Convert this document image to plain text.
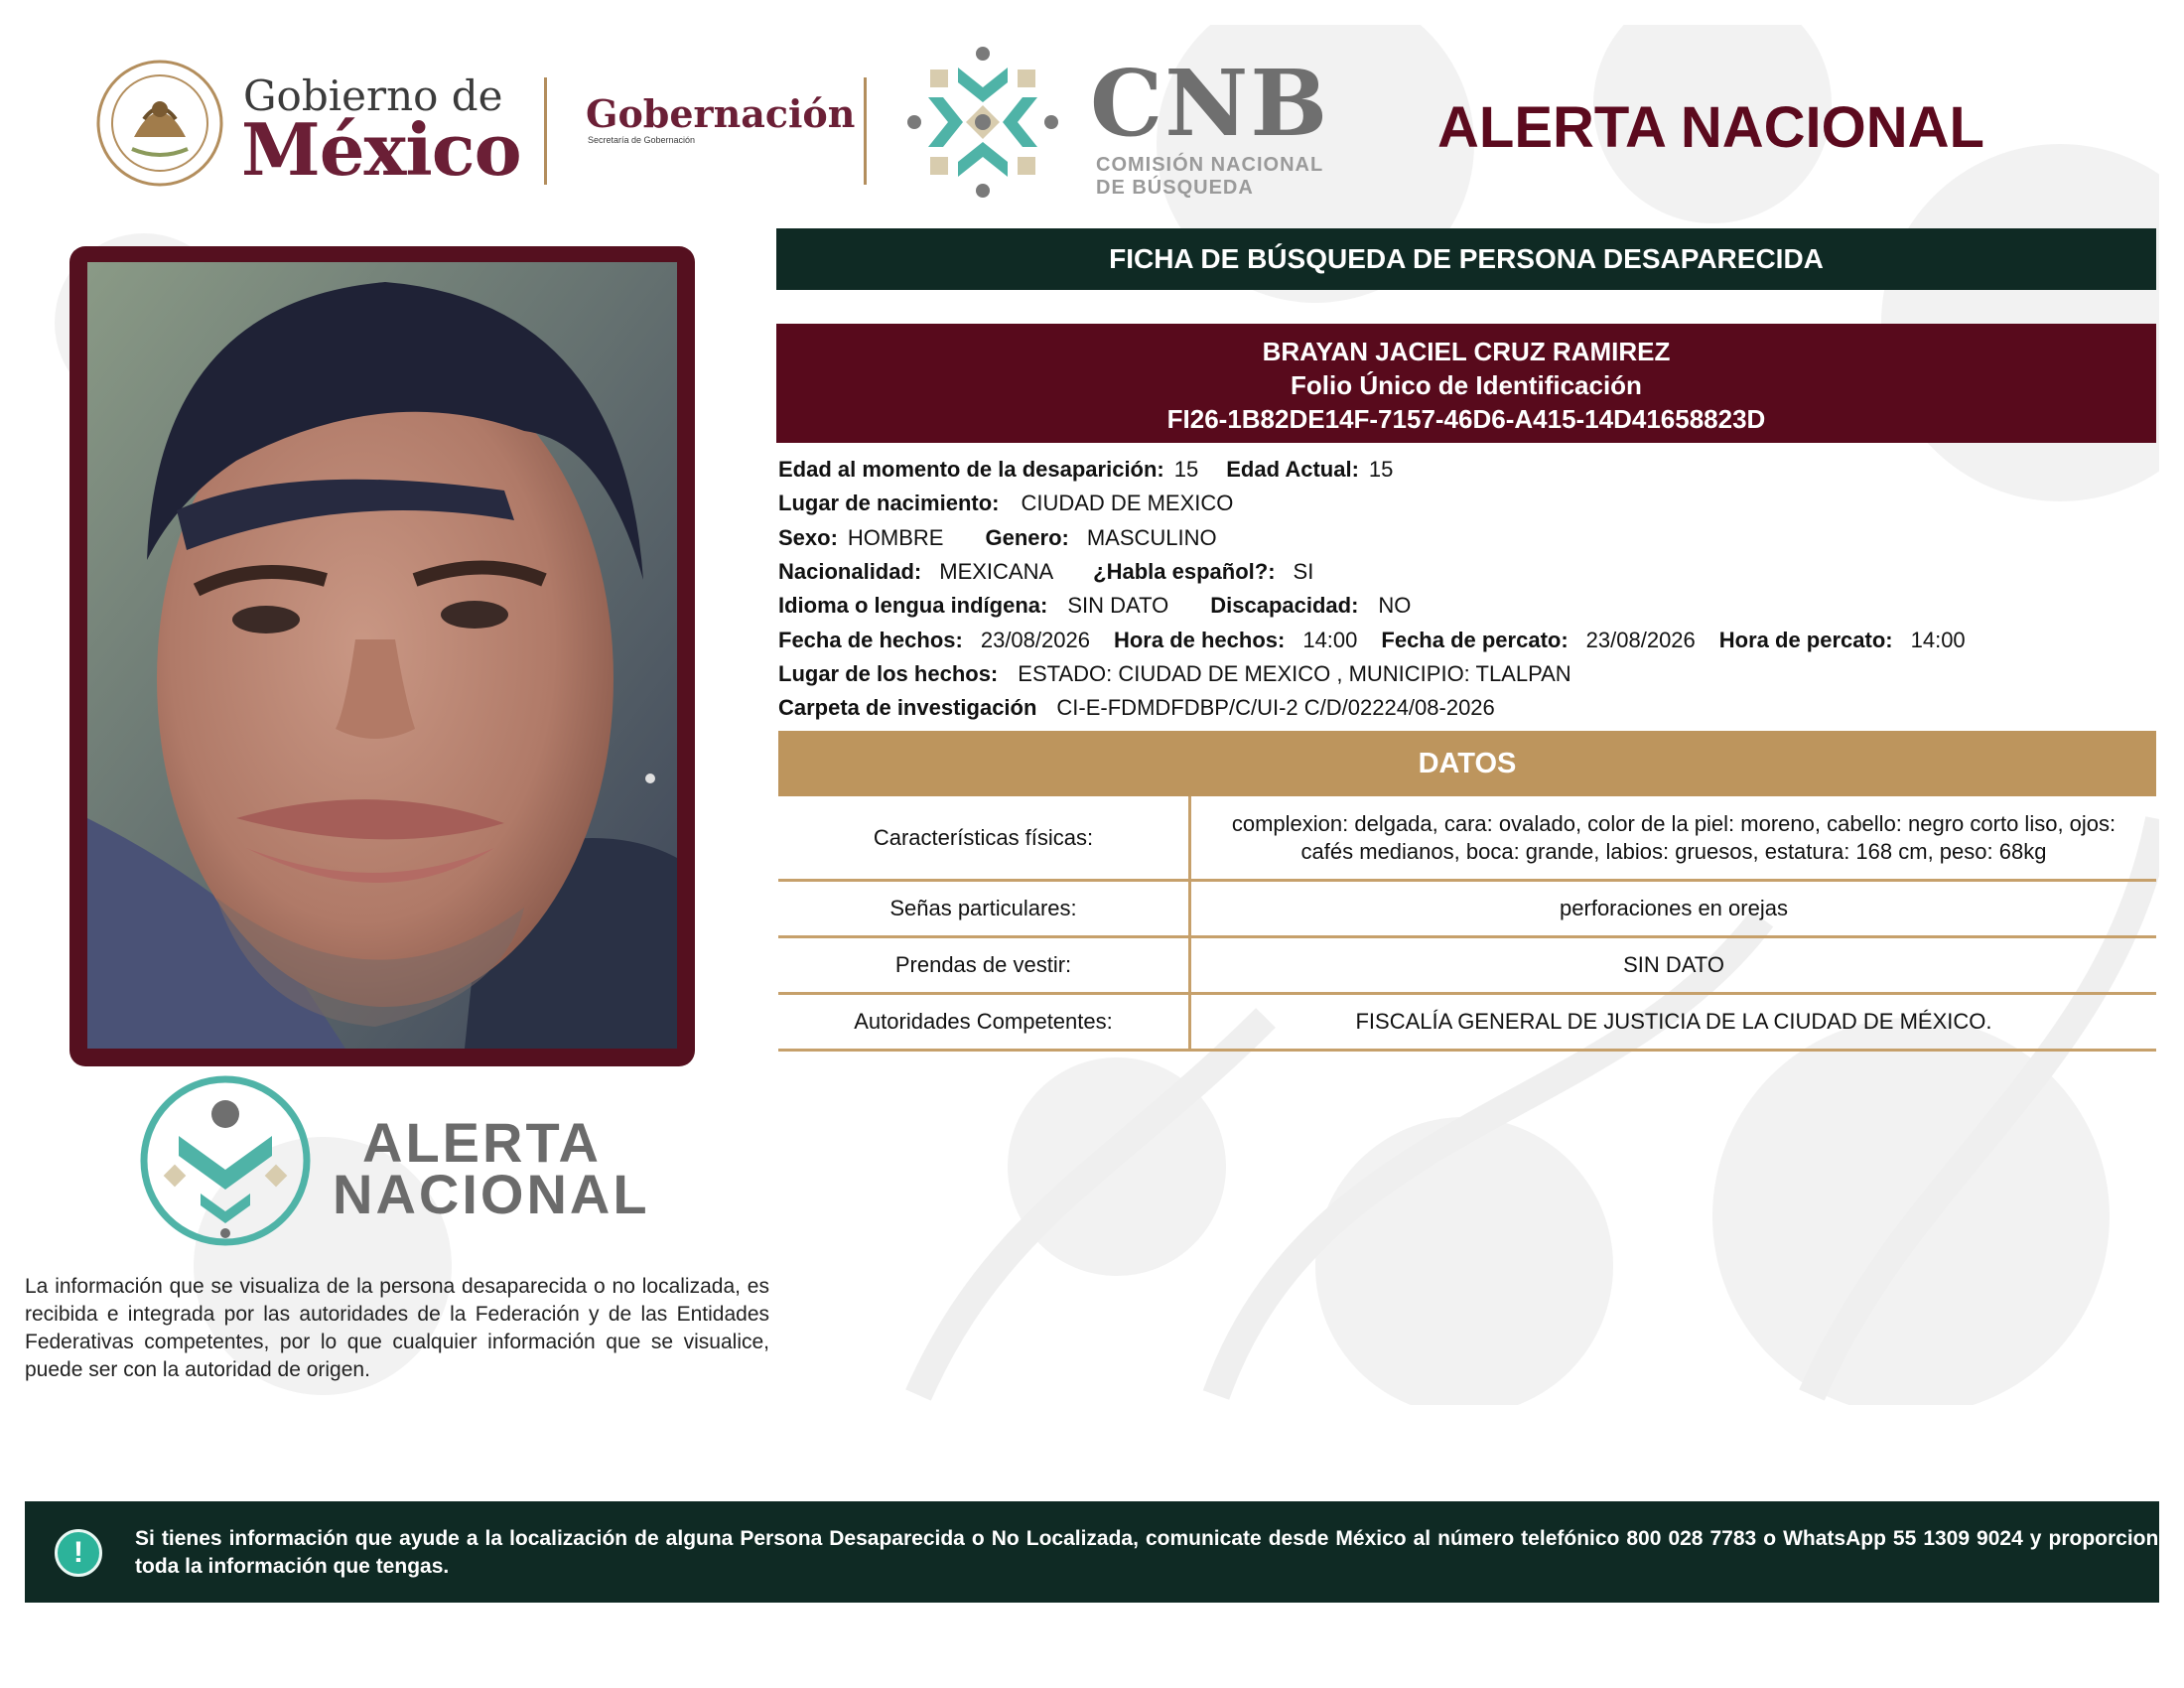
Gobierno de
México Gobernación
Secretaría de Gobernación	CNB
COMISIÓN NACIONAL
DE BÚSQUEDA
ALERTA NACIONAL
FICHA DE BÚSQUEDA DE PERSONA DESAPARECIDA
BRAYAN JACIEL CRUZ RAMIREZ
Folio Único de Identificación
FI26-1B82DE14F-7157-46D6-A415-14D41658823D
Edad al momento de la desaparición: 15 Edad Actual: 15
Lugar de nacimiento: CIUDAD DE MEXICO
Sexo: HOMBRE Genero: MASCULINO
Nacionalidad: MEXICANA ¿Habla español?: SI
Idioma o lengua indígena: SIN DATO Discapacidad: NO
Fecha de hechos: 23/08/2026 Hora de hechos: 14:00 Fecha de percato: 23/08/2026 Hora de percato: 14:00
Lugar de los hechos: ESTADO: CIUDAD DE MEXICO , MUNICIPIO: TLALPAN
Carpeta de investigación CI-E-FDMDFDBP/C/UI-2 C/D/02224/08-2026
DATOS
Características físicas:
complexion: delgada, cara: ovalado, color de la piel: moreno, cabello: negro corto liso, ojos: cafés medianos, boca: grande, labios: gruesos, estatura: 168 cm, peso: 68kg
Señas particulares:	perforaciones en orejas
Prendas de vestir:	SIN DATO
Autoridades Competentes:	FISCALÍA GENERAL DE JUSTICIA DE LA CIUDAD DE MÉXICO.
ALERTA
NACIONAL
La información que se visualiza de la persona desaparecida o no localizada, es recibida e integrada por las autoridades de la Federación y de las Entidades Federativas competentes, por lo que cualquier información que se visualice, puede ser con la autoridad de origen.
!	Si tienes información que ayude a la localización de alguna Persona Desaparecida o No Localizada, comunicate desde México al número telefónico 800 028 7783 o WhatsApp 55 1309 9024 y proporciona toda la información que tengas.
